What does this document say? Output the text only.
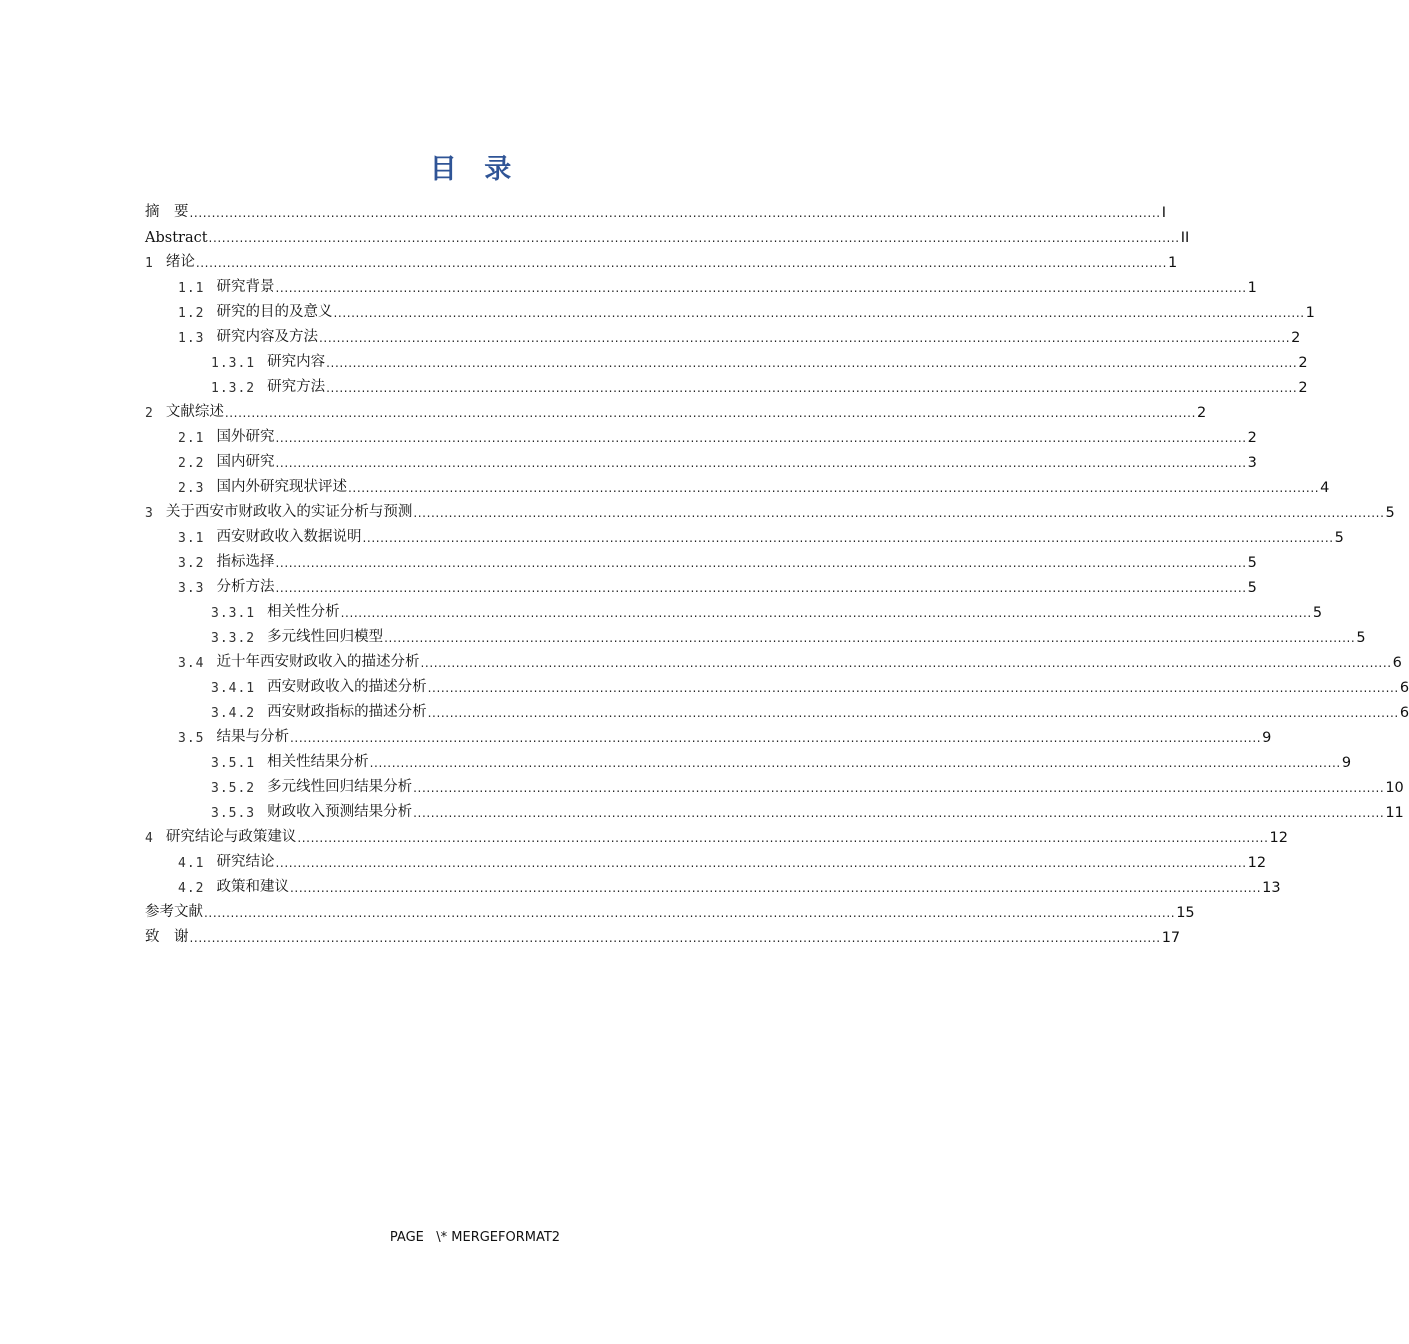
目 录
摘　要 ............................................................................................................................................................................................................................ I
Abstract ............................................................................................................................................................................................................................ II
1 绪论 ............................................................................................................................................................................................................................ 1
1.1 研究背景 ............................................................................................................................................................................................................................ 1
1.2 研究的目的及意义 ............................................................................................................................................................................................................................ 1
1.3 研究内容及方法 ............................................................................................................................................................................................................................ 2
1.3.1 研究内容 ............................................................................................................................................................................................................................ 2
1.3.2 研究方法 ............................................................................................................................................................................................................................ 2
2 文献综述 ............................................................................................................................................................................................................................ 2
2.1 国外研究 ............................................................................................................................................................................................................................ 2
2.2 国内研究 ............................................................................................................................................................................................................................ 3
2.3 国内外研究现状评述 ............................................................................................................................................................................................................................ 4
3 关于西安市财政收入的实证分析与预测 ............................................................................................................................................................................................................................ 5
3.1 西安财政收入数据说明 ............................................................................................................................................................................................................................ 5
3.2 指标选择 ............................................................................................................................................................................................................................ 5
3.3 分析方法 ............................................................................................................................................................................................................................ 5
3.3.1 相关性分析 ............................................................................................................................................................................................................................ 5
3.3.2 多元线性回归模型 ............................................................................................................................................................................................................................ 5
3.4 近十年西安财政收入的描述分析 ............................................................................................................................................................................................................................ 6
3.4.1 西安财政收入的描述分析 ............................................................................................................................................................................................................................ 6
3.4.2 西安财政指标的描述分析 ............................................................................................................................................................................................................................ 6
3.5 结果与分析 ............................................................................................................................................................................................................................ 9
3.5.1 相关性结果分析 ............................................................................................................................................................................................................................ 9
3.5.2 多元线性回归结果分析 ............................................................................................................................................................................................................................ 10
3.5.3 财政收入预测结果分析 ............................................................................................................................................................................................................................ 11
4 研究结论与政策建议 ............................................................................................................................................................................................................................ 12
4.1 研究结论 ............................................................................................................................................................................................................................ 12
4.2 政策和建议 ............................................................................................................................................................................................................................ 13
参考文献 ............................................................................................................................................................................................................................ 15
致　谢 ............................................................................................................................................................................................................................ 17
PAGE   \* MERGEFORMAT2
